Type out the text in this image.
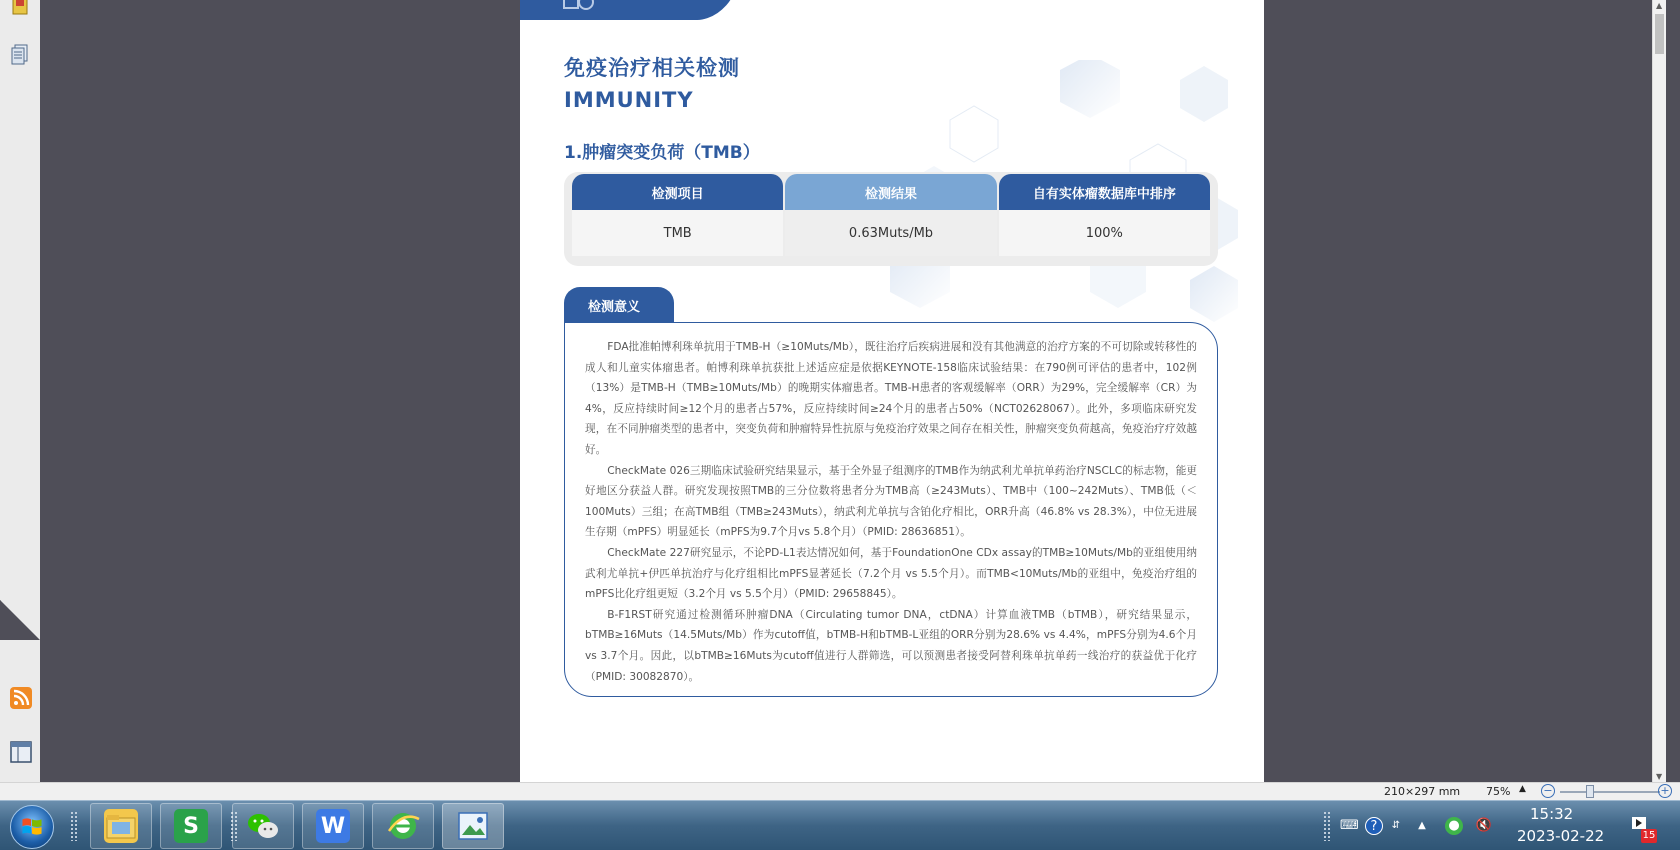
免疫治疗相关检测
IMMUNITY
1.肿瘤突变负荷（TMB）
检测项目	检测结果	自有实体瘤数据库中排序
TMB	0.63Muts/Mb	100%
检测意义

FDA批准帕博利珠单抗用于TMB-H（≥10Muts/Mb），既往治疗后疾病进展和没有其他满意的治疗方案的不可切除或转移性的成人和儿童实体瘤患者。帕博利珠单抗获批上述适应症是依据KEYNOTE-158临床试验结果：在790例可评估的患者中，102例（13%）是TMB-H（TMB≥10Muts/Mb）的晚期实体瘤患者。TMB-H患者的客观缓解率（ORR）为29%，完全缓解率（CR）为4%，反应持续时间≥12个月的患者占57%，反应持续时间≥24个月的患者占50%（NCT02628067）。此外，多项临床研究发现，在不同肿瘤类型的患者中，突变负荷和肿瘤特异性抗原与免疫治疗效果之间存在相关性，肿瘤突变负荷越高，免疫治疗疗效越好。

CheckMate 026三期临床试验研究结果显示，基于全外显子组测序的TMB作为纳武利尤单抗单药治疗NSCLC的标志物，能更好地区分获益人群。研究发现按照TMB的三分位数将患者分为TMB高（≥243Muts）、TMB中（100~242Muts）、TMB低（＜100Muts）三组；在高TMB组（TMB≥243Muts），纳武利尤单抗与含铂化疗相比，ORR升高（46.8% vs 28.3%），中位无进展生存期（mPFS）明显延长（mPFS为9.7个月vs 5.8个月）（PMID: 28636851）。

CheckMate 227研究显示，不论PD-L1表达情况如何，基于FoundationOne CDx assay的TMB≥10Muts/Mb的亚组使用纳武利尤单抗+伊匹单抗治疗与化疗组相比mPFS显著延长（7.2个月 vs 5.5个月）。而TMB<10Muts/Mb的亚组中，免疫治疗组的mPFS比化疗组更短（3.2个月 vs 5.5个月）（PMID: 29658845）。

B-F1RST研究通过检测循环肿瘤DNA（Circulating tumor DNA，ctDNA）计算血液TMB（bTMB），研究结果显示，bTMB≥16Muts（14.5Muts/Mb）作为cutoff值，bTMB-H和bTMB-L亚组的ORR分别为28.6% vs 4.4%，mPFS分别为4.6个月 vs 3.7个月。因此，以bTMB≥16Muts为cutoff值进行人群筛选，可以预测患者接受阿替利珠单抗单药一线治疗的获益优于化疗（PMID: 30082870）。

▲
▼
210×297 mm 75% ▲ −	+
S	W	⌨ ?	⇵	▲	● 🔇
15:32
2023-02-22	15
